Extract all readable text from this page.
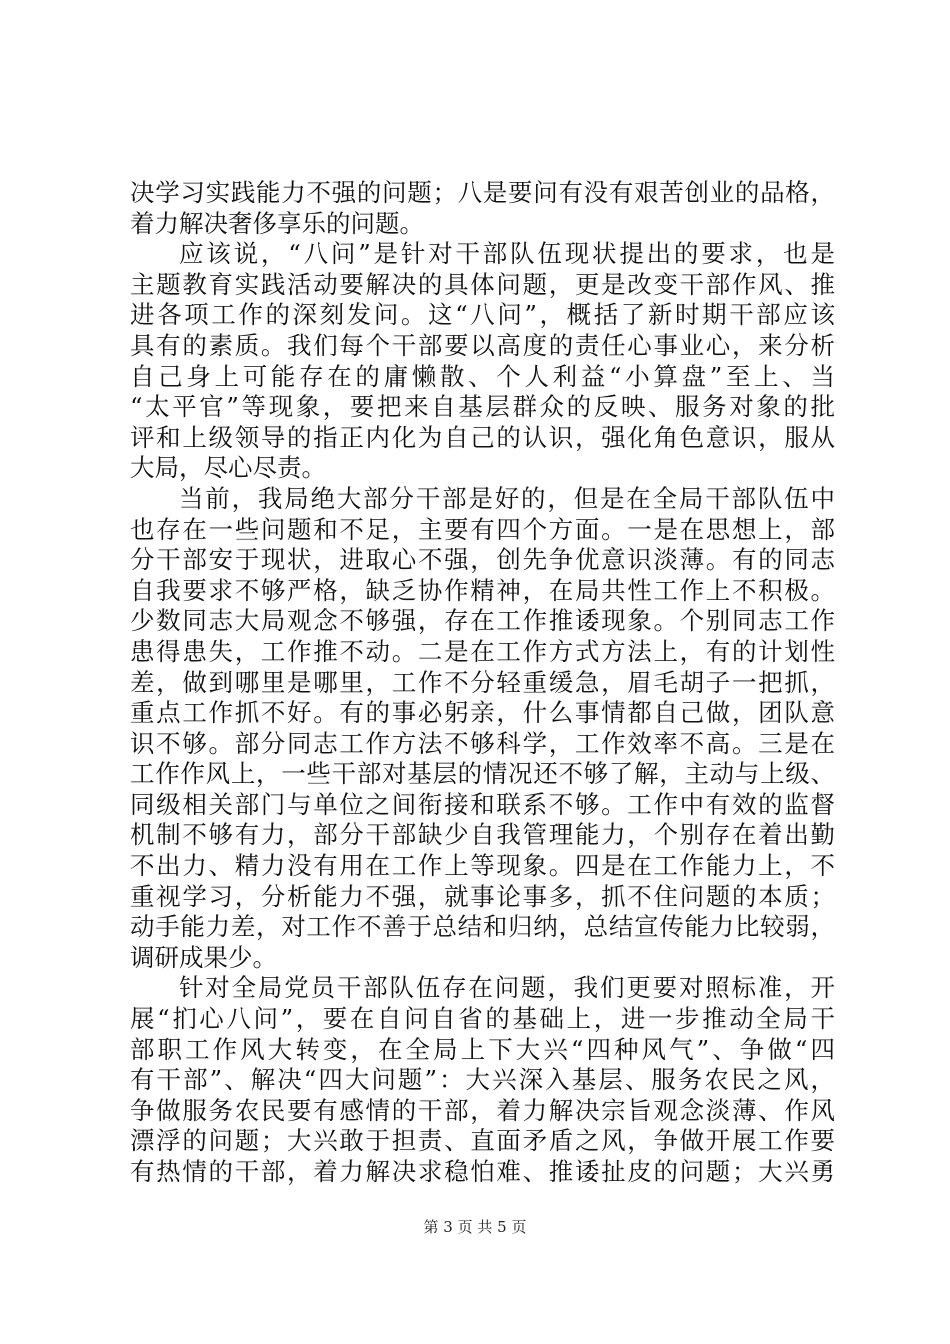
决学习实践能力不强的问题；八是要问有没有艰苦创业的品格，
着力解决奢侈享乐的问题。
应该说，“八问”是针对干部队伍现状提出的要求，也是
主题教育实践活动要解决的具体问题，更是改变干部作风、推
进各项工作的深刻发问。这“八问”，概括了新时期干部应该
具有的素质。我们每个干部要以高度的责任心事业心，来分析
自己身上可能存在的庸懒散、个人利益“小算盘”至上、当
“太平官”等现象，要把来自基层群众的反映、服务对象的批
评和上级领导的指正内化为自己的认识，强化角色意识，服从
大局，尽心尽责。
当前，我局绝大部分干部是好的，但是在全局干部队伍中
也存在一些问题和不足，主要有四个方面。一是在思想上，部
分干部安于现状，进取心不强，创先争优意识淡薄。有的同志
自我要求不够严格，缺乏协作精神，在局共性工作上不积极。
少数同志大局观念不够强，存在工作推诿现象。个别同志工作
患得患失，工作推不动。二是在工作方式方法上，有的计划性
差，做到哪里是哪里，工作不分轻重缓急，眉毛胡子一把抓，
重点工作抓不好。有的事必躬亲，什么事情都自己做，团队意
识不够。部分同志工作方法不够科学，工作效率不高。三是在
工作作风上，一些干部对基层的情况还不够了解，主动与上级、
同级相关部门与单位之间衔接和联系不够。工作中有效的监督
机制不够有力，部分干部缺少自我管理能力，个别存在着出勤
不出力、精力没有用在工作上等现象。四是在工作能力上，不
重视学习，分析能力不强，就事论事多，抓不住问题的本质；
动手能力差，对工作不善于总结和归纳，总结宣传能力比较弱，
调研成果少。
针对全局党员干部队伍存在问题，我们更要对照标准，开
展“扪心八问”，要在自问自省的基础上，进一步推动全局干
部职工作风大转变，在全局上下大兴“四种风气”、争做“四
有干部”、解决“四大问题”：大兴深入基层、服务农民之风，
争做服务农民要有感情的干部，着力解决宗旨观念淡薄、作风
漂浮的问题；大兴敢于担责、直面矛盾之风，争做开展工作要
有热情的干部，着力解决求稳怕难、推诿扯皮的问题；大兴勇
第 3 页 共 5 页
